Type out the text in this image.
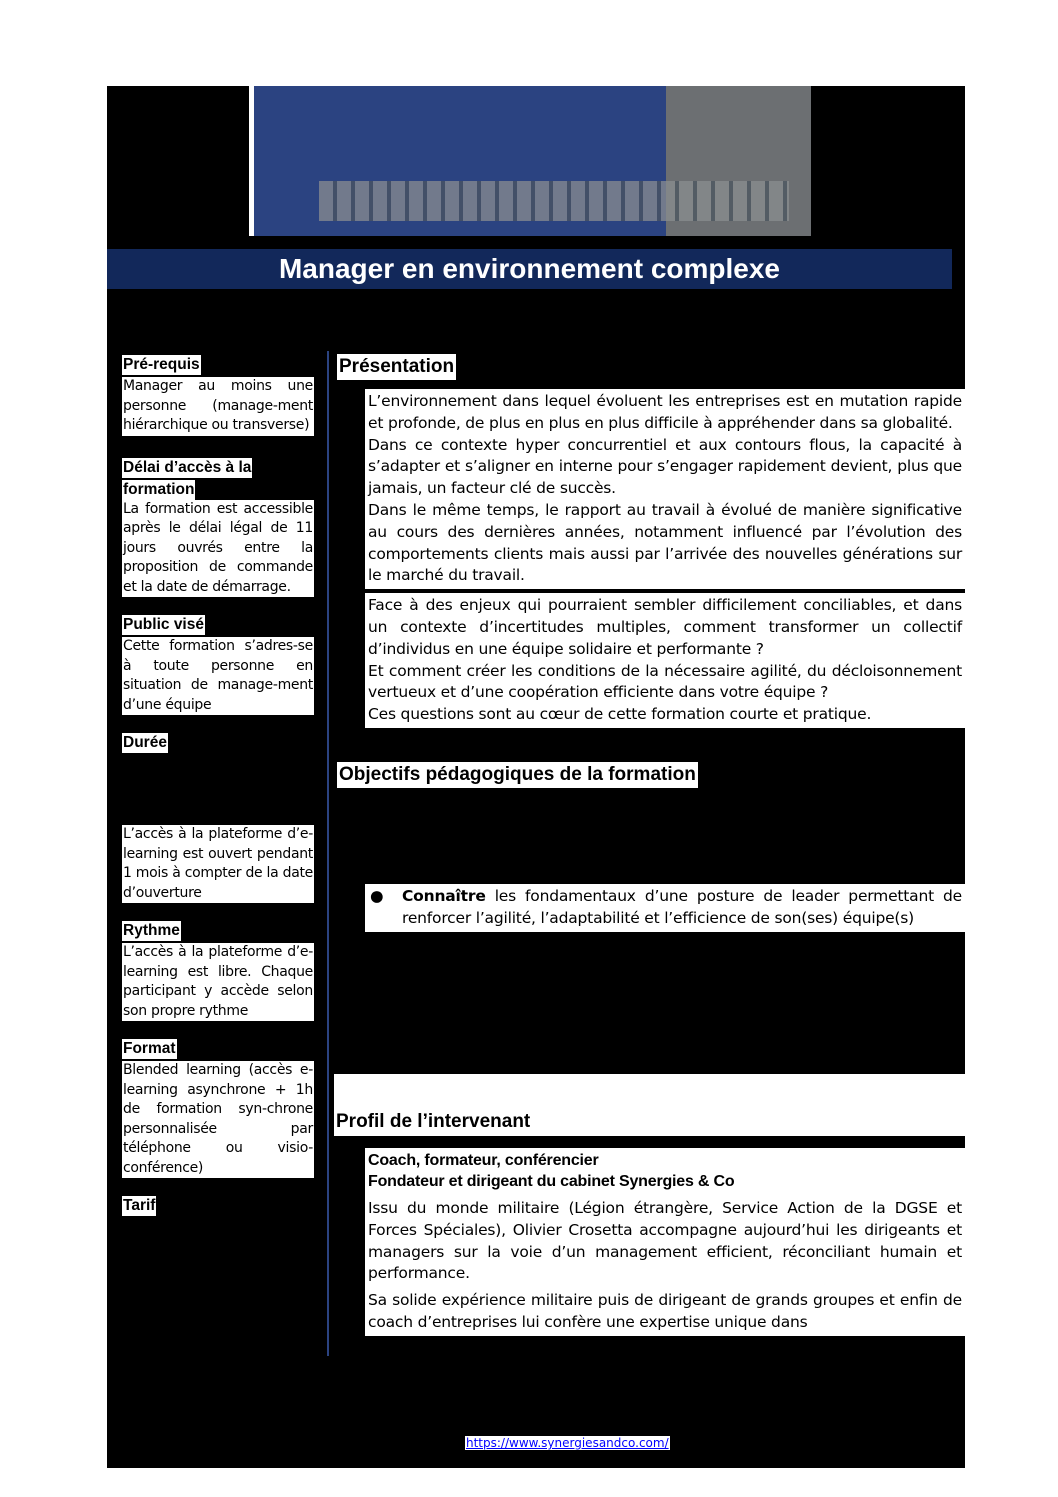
Manager en environnement complexe
Pré-requis
Manager au moins une personne (manage-ment hiérarchique ou transverse)
Délai d’accès à la
formation
La formation est accessible après le délai légal de 11 jours ouvrés entre la proposition de commande et la date de démarrage.
Public visé
Cette formation s’adres-se à toute personne en situation de manage-ment d’une équipe
Durée
L’accès à la plateforme d’e-learning est ouvert pendant 1 mois à compter de la date d’ouverture
Rythme
L’accès à la plateforme d’e-learning est libre. Chaque participant y accède selon son propre rythme
Format
Blended learning (accès e-learning asynchrone + 1h de formation syn-chrone personnalisée par téléphone ou visio-conférence)
Tarif
Présentation

L’environnement dans lequel évoluent les entreprises est en mutation rapide et profonde, de plus en plus en plus difficile à appréhender dans sa globalité.

Dans ce contexte hyper concurrentiel et aux contours flous, la capacité à s’adapter et s’aligner en interne pour s’engager rapidement devient, plus que jamais, un facteur clé de succès.

Dans le même temps, le rapport au travail à évolué de manière significative au cours des dernières années, notamment influencé par l’évolution des comportements clients mais aussi par l’arrivée des nouvelles générations sur le marché du travail.

Face à des enjeux qui pourraient sembler difficilement conciliables, et dans un contexte d’incertitudes multiples, comment transformer un collectif d’individus en une équipe solidaire et performante ?

Et comment créer les conditions de la nécessaire agilité, du décloisonnement vertueux et d’une coopération efficiente dans votre équipe ?

Ces questions sont au cœur de cette formation courte et pratique.

Objectifs pédagogiques de la formation
●	Connaître les fondamentaux d’une posture de leader permettant de renforcer l’agilité, l’adaptabilité et l’efficience de son(ses) équipe(s)
Profil de l’intervenant

Coach, formateur, conférencier

Fondateur et dirigeant du cabinet Synergies & Co

Issu du monde militaire (Légion étrangère, Service Action de la DGSE et Forces Spéciales), Olivier Crosetta accompagne aujourd’hui les dirigeants et managers sur la voie d’un management efficient, réconciliant humain et performance.

Sa solide expérience militaire puis de dirigeant de grands groupes et enfin de coach d’entreprises lui confère une expertise unique dans

https://www.synergiesandco.com/
